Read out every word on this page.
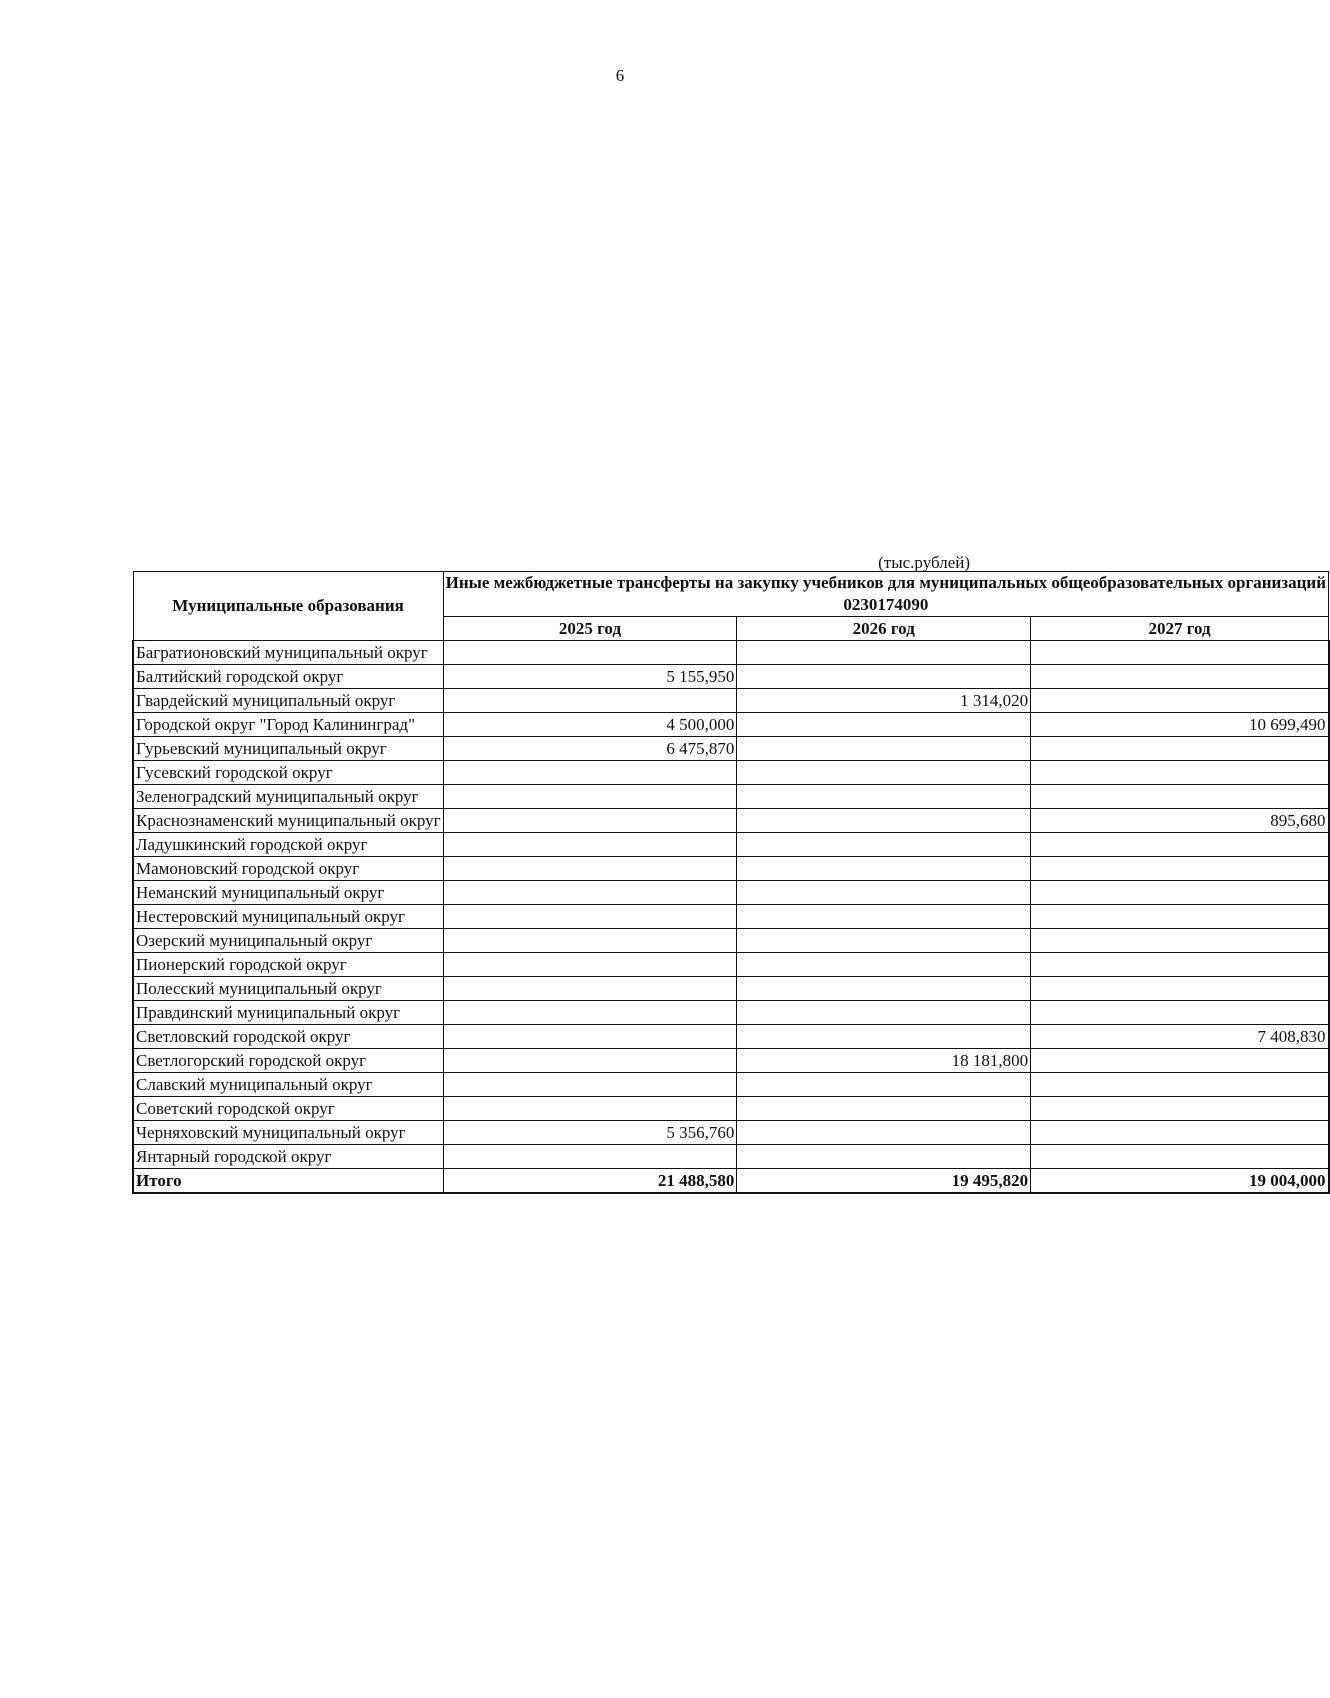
6
(тыс.рублей)
Муниципальные образования	Иные межбюджетные трансферты на закупку учебников для муниципальных общеобразовательных организаций
0230174090		

	2025 год	2026 год	2027 год
Багратионовский муниципальный округ			
Балтийский городской округ	5 155,950		
Гвардейский муниципальный округ		1 314,020	
Городской округ "Город Калининград"	4 500,000		10 699,490
Гурьевский муниципальный округ	6 475,870		
Гусевский городской округ			
Зеленоградский муниципальный округ			
Краснознаменский муниципальный округ			895,680
Ладушкинский городской округ			
Мамоновский городской округ			
Неманский муниципальный округ			
Нестеровский муниципальный округ			
Озерский муниципальный округ			
Пионерский городской округ			
Полесский муниципальный округ			
Правдинский муниципальный округ			
Светловский городской округ			7 408,830
Светлогорский городской округ		18 181,800	
Славский муниципальный округ			
Советский городской округ			
Черняховский муниципальный округ	5 356,760		
Янтарный городской округ			
Итого	21 488,580	19 495,820	19 004,000
